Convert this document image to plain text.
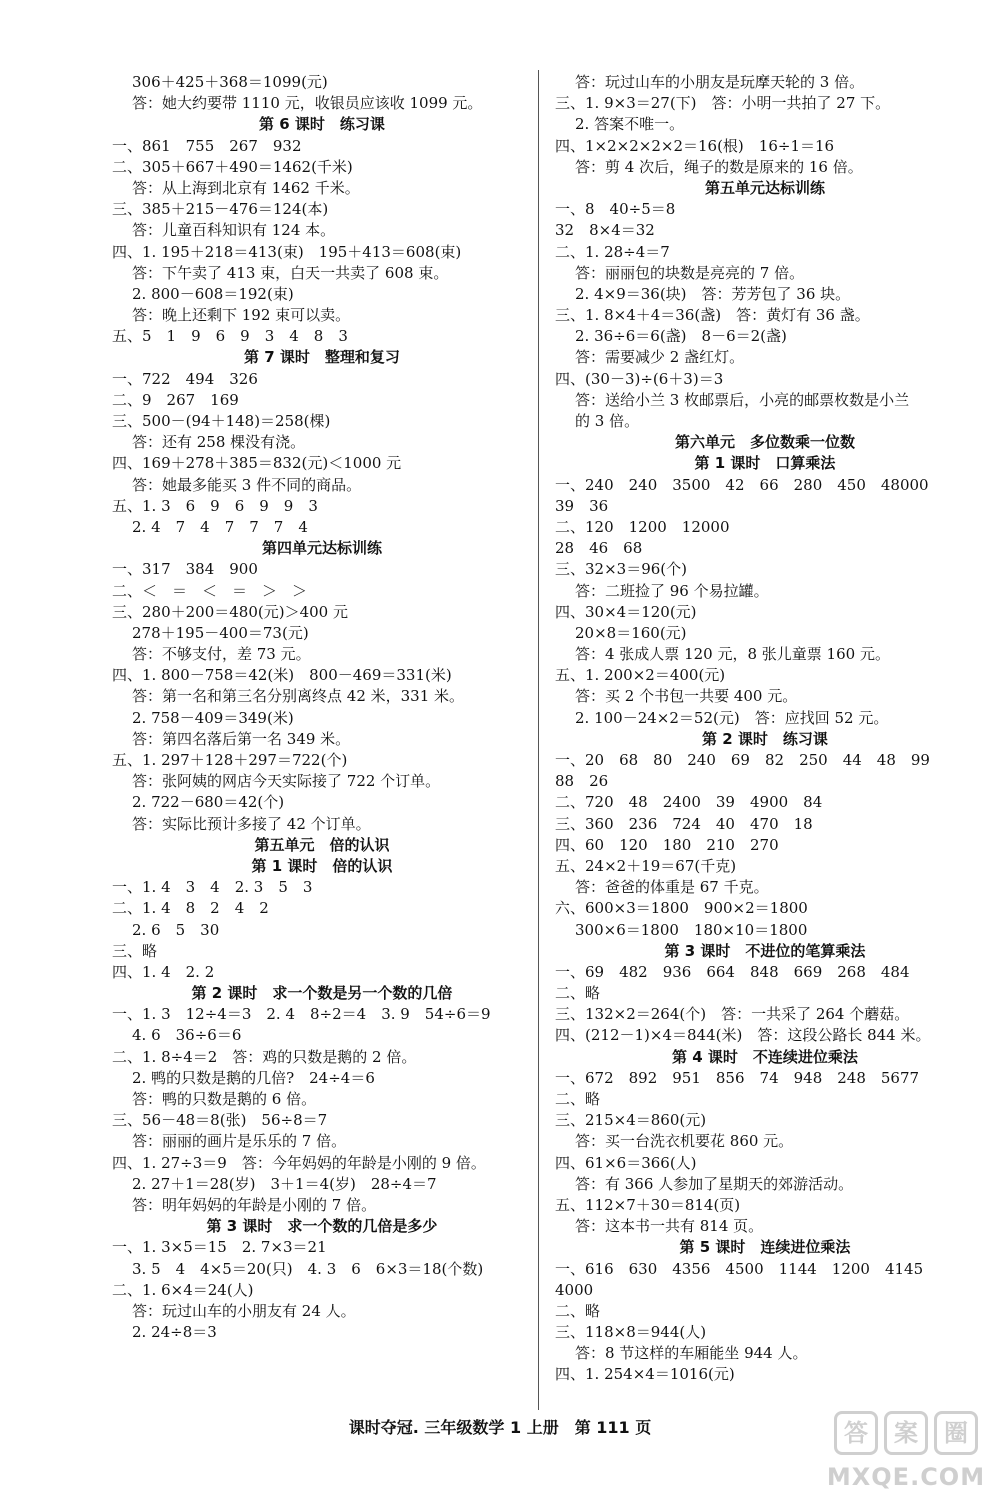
306＋425＋368＝1099(元)
答：她大约要带 1110 元，收银员应该收 1099 元。
第 6 课时　练习课
一、861　755　267　932
二、305＋667＋490＝1462(千米)
答：从上海到北京有 1462 千米。
三、385＋215－476＝124(本)
答：儿童百科知识有 124 本。
四、1. 195＋218＝413(束)　195＋413＝608(束)
答：下午卖了 413 束，白天一共卖了 608 束。
2. 800－608＝192(束)
答：晚上还剩下 192 束可以卖。
五、5　1　9　6　9　3　4　8　3
第 7 课时　整理和复习
一、722　494　326
二、9　267　169
三、500－(94＋148)＝258(棵)
答：还有 258 棵没有浇。
四、169＋278＋385＝832(元)＜1000 元
答：她最多能买 3 件不同的商品。
五、1. 3　6　9　6　9　9　3
2. 4　7　4　7　7　7　4
第四单元达标训练
一、317　384　900
二、＜　＝　＜　＝　＞　＞
三、280＋200＝480(元)＞400 元
278＋195－400＝73(元)
答：不够支付，差 73 元。
四、1. 800－758＝42(米)　800－469＝331(米)
答：第一名和第三名分别离终点 42 米，331 米。
2. 758－409＝349(米)
答：第四名落后第一名 349 米。
五、1. 297＋128＋297＝722(个)
答：张阿姨的网店今天实际接了 722 个订单。
2. 722－680＝42(个)
答：实际比预计多接了 42 个订单。
第五单元　倍的认识
第 1 课时　倍的认识
一、1. 4　3　4　2. 3　5　3
二、1. 4　8　2　4　2
2. 6　5　30
三、略
四、1. 4　2. 2
第 2 课时　求一个数是另一个数的几倍
一、1. 3　12÷4＝3　2. 4　8÷2＝4　3. 9　54÷6＝9
4. 6　36÷6＝6
二、1. 8÷4＝2　答：鸡的只数是鹅的 2 倍。
2. 鸭的只数是鹅的几倍?　24÷4＝6
答：鸭的只数是鹅的 6 倍。
三、56－48＝8(张)　56÷8＝7
答：丽丽的画片是乐乐的 7 倍。
四、1. 27÷3＝9　答：今年妈妈的年龄是小刚的 9 倍。
2. 27＋1＝28(岁)　3＋1＝4(岁)　28÷4＝7
答：明年妈妈的年龄是小刚的 7 倍。
第 3 课时　求一个数的几倍是多少
一、1. 3×5＝15　2. 7×3＝21
3. 5　4　4×5＝20(只)　4. 3　6　6×3＝18(个数)
二、1. 6×4＝24(人)
答：玩过山车的小朋友有 24 人。
2. 24÷8＝3
答：玩过山车的小朋友是玩摩天轮的 3 倍。
三、1. 9×3＝27(下)　答：小明一共拍了 27 下。
2. 答案不唯一。
四、1×2×2×2×2＝16(根)　16÷1＝16
答：剪 4 次后，绳子的数是原来的 16 倍。
第五单元达标训练
一、8　40÷5＝8
32　8×4＝32
二、1. 28÷4＝7
答：丽丽包的块数是亮亮的 7 倍。
2. 4×9＝36(块)　答：芳芳包了 36 块。
三、1. 8×4＋4＝36(盏)　答：黄灯有 36 盏。
2. 36÷6＝6(盏)　8－6＝2(盏)
答：需要减少 2 盏红灯。
四、(30－3)÷(6＋3)＝3
答：送给小兰 3 枚邮票后，小亮的邮票枚数是小兰
的 3 倍。
第六单元　多位数乘一位数
第 1 课时　口算乘法
一、240　240　3500　42　66　280　450　48000
39　36
二、120　1200　12000
28　46　68
三、32×3＝96(个)
答：二班捡了 96 个易拉罐。
四、30×4＝120(元)
20×8＝160(元)
答：4 张成人票 120 元，8 张儿童票 160 元。
五、1. 200×2＝400(元)
答：买 2 个书包一共要 400 元。
2. 100－24×2＝52(元)　答：应找回 52 元。
第 2 课时　练习课
一、20　68　80　240　69　82　250　44　48　99
88　26
二、720　48　2400　39　4900　84
三、360　236　724　40　470　18
四、60　120　180　210　270
五、24×2＋19＝67(千克)
答：爸爸的体重是 67 千克。
六、600×3＝1800　900×2＝1800
300×6＝1800　180×10＝1800
第 3 课时　不进位的笔算乘法
一、69　482　936　664　848　669　268　484
二、略
三、132×2＝264(个)　答：一共采了 264 个蘑菇。
四、(212－1)×4＝844(米)　答：这段公路长 844 米。
第 4 课时　不连续进位乘法
一、672　892　951　856　74　948　248　5677
二、略
三、215×4＝860(元)
答：买一台洗衣机要花 860 元。
四、61×6＝366(人)
答：有 366 人参加了星期天的郊游活动。
五、112×7＋30＝814(页)
答：这本书一共有 814 页。
第 5 课时　连续进位乘法
一、616　630　4356　4500　1144　1200　4145
4000
二、略
三、118×8＝944(人)
答：8 节这样的车厢能坐 944 人。
四、1. 254×4＝1016(元)
课时夺冠. 三年级数学 1 上册　第 111 页	答	案	圈
MXQE.COM
